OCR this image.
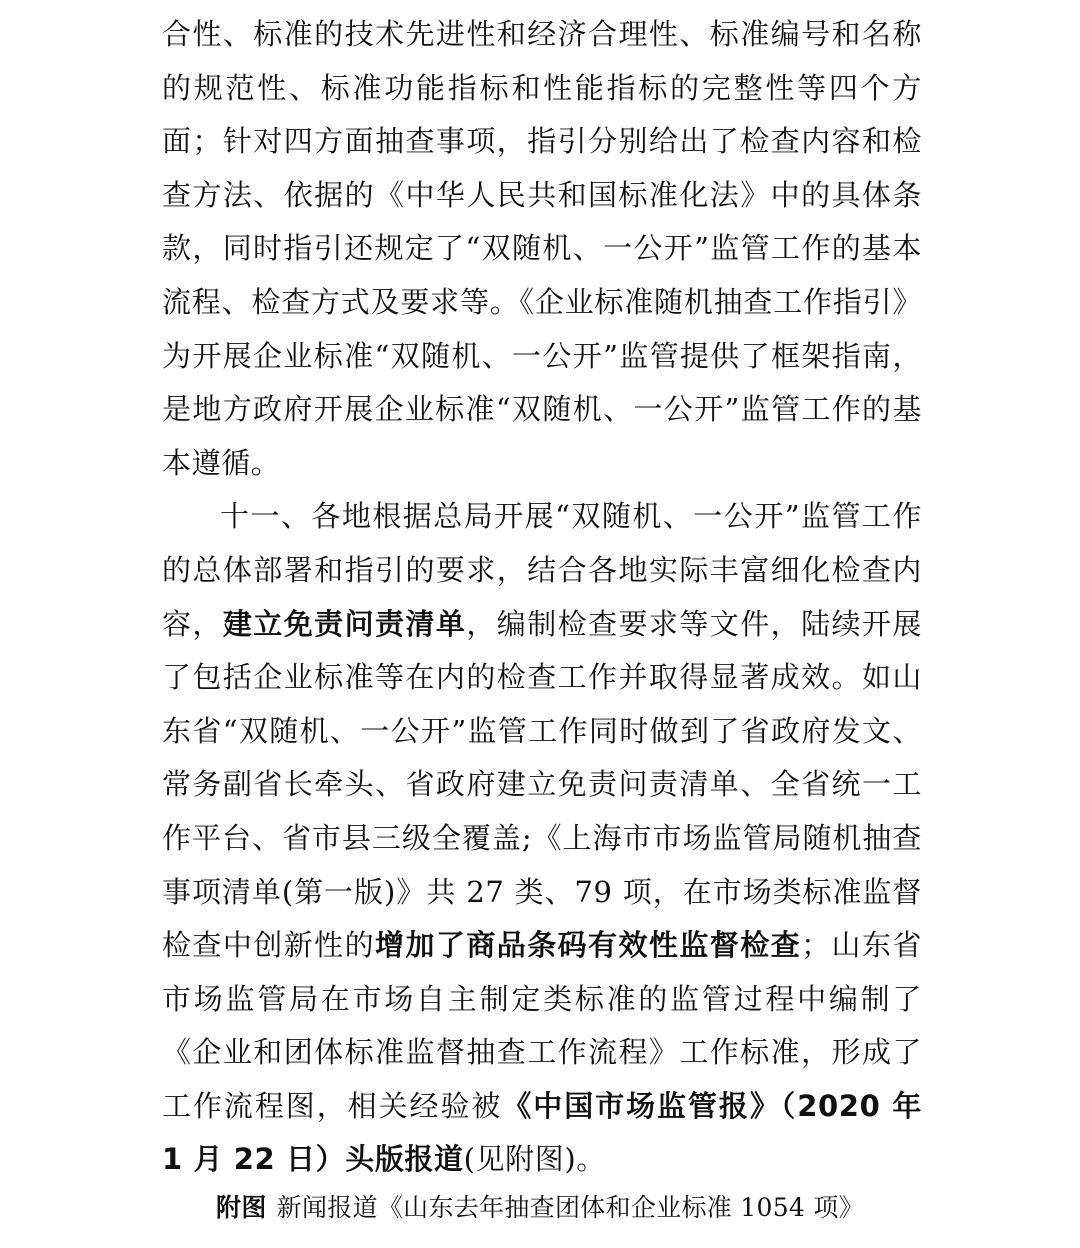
合性、标准的技术先进性和经济合理性、标准编号和名称的规范性、标准功能指标和性能指标的完整性等四个方面；针对四方面抽查事项，指引分别给出了检查内容和检查方法、依据的《中华人民共和国标准化法》中的具体条款，同时指引还规定了“双随机、一公开”监管工作的基本流程、检查方式及要求等。《企业标准随机抽查工作指引》为开展企业标准“双随机、一公开”监管提供了框架指南，是地方政府开展企业标准“双随机、一公开”监管工作的基本遵循。

十一、各地根据总局开展“双随机、一公开”监管工作的总体部署和指引的要求，结合各地实际丰富细化检查内容，建立免责问责清单，编制检查要求等文件，陆续开展了包括企业标准等在内的检查工作并取得显著成效。如山东省“双随机、一公开”监管工作同时做到了省政府发文、常务副省长牵头、省政府建立免责问责清单、全省统一工作平台、省市县三级全覆盖;《上海市市场监管局随机抽查事项清单(第一版)》共 27 类、79 项，在市场类标准监督检查中创新性的增加了商品条码有效性监督检查；山东省市场监管局在市场自主制定类标准的监管过程中编制了《企业和团体标准监督抽查工作流程》工作标准，形成了工作流程图，相关经验被《中国市场监管报》（2020 年 1 月 22 日）头版报道(见附图)。

附图 新闻报道《山东去年抽查团体和企业标准 1054 项》
